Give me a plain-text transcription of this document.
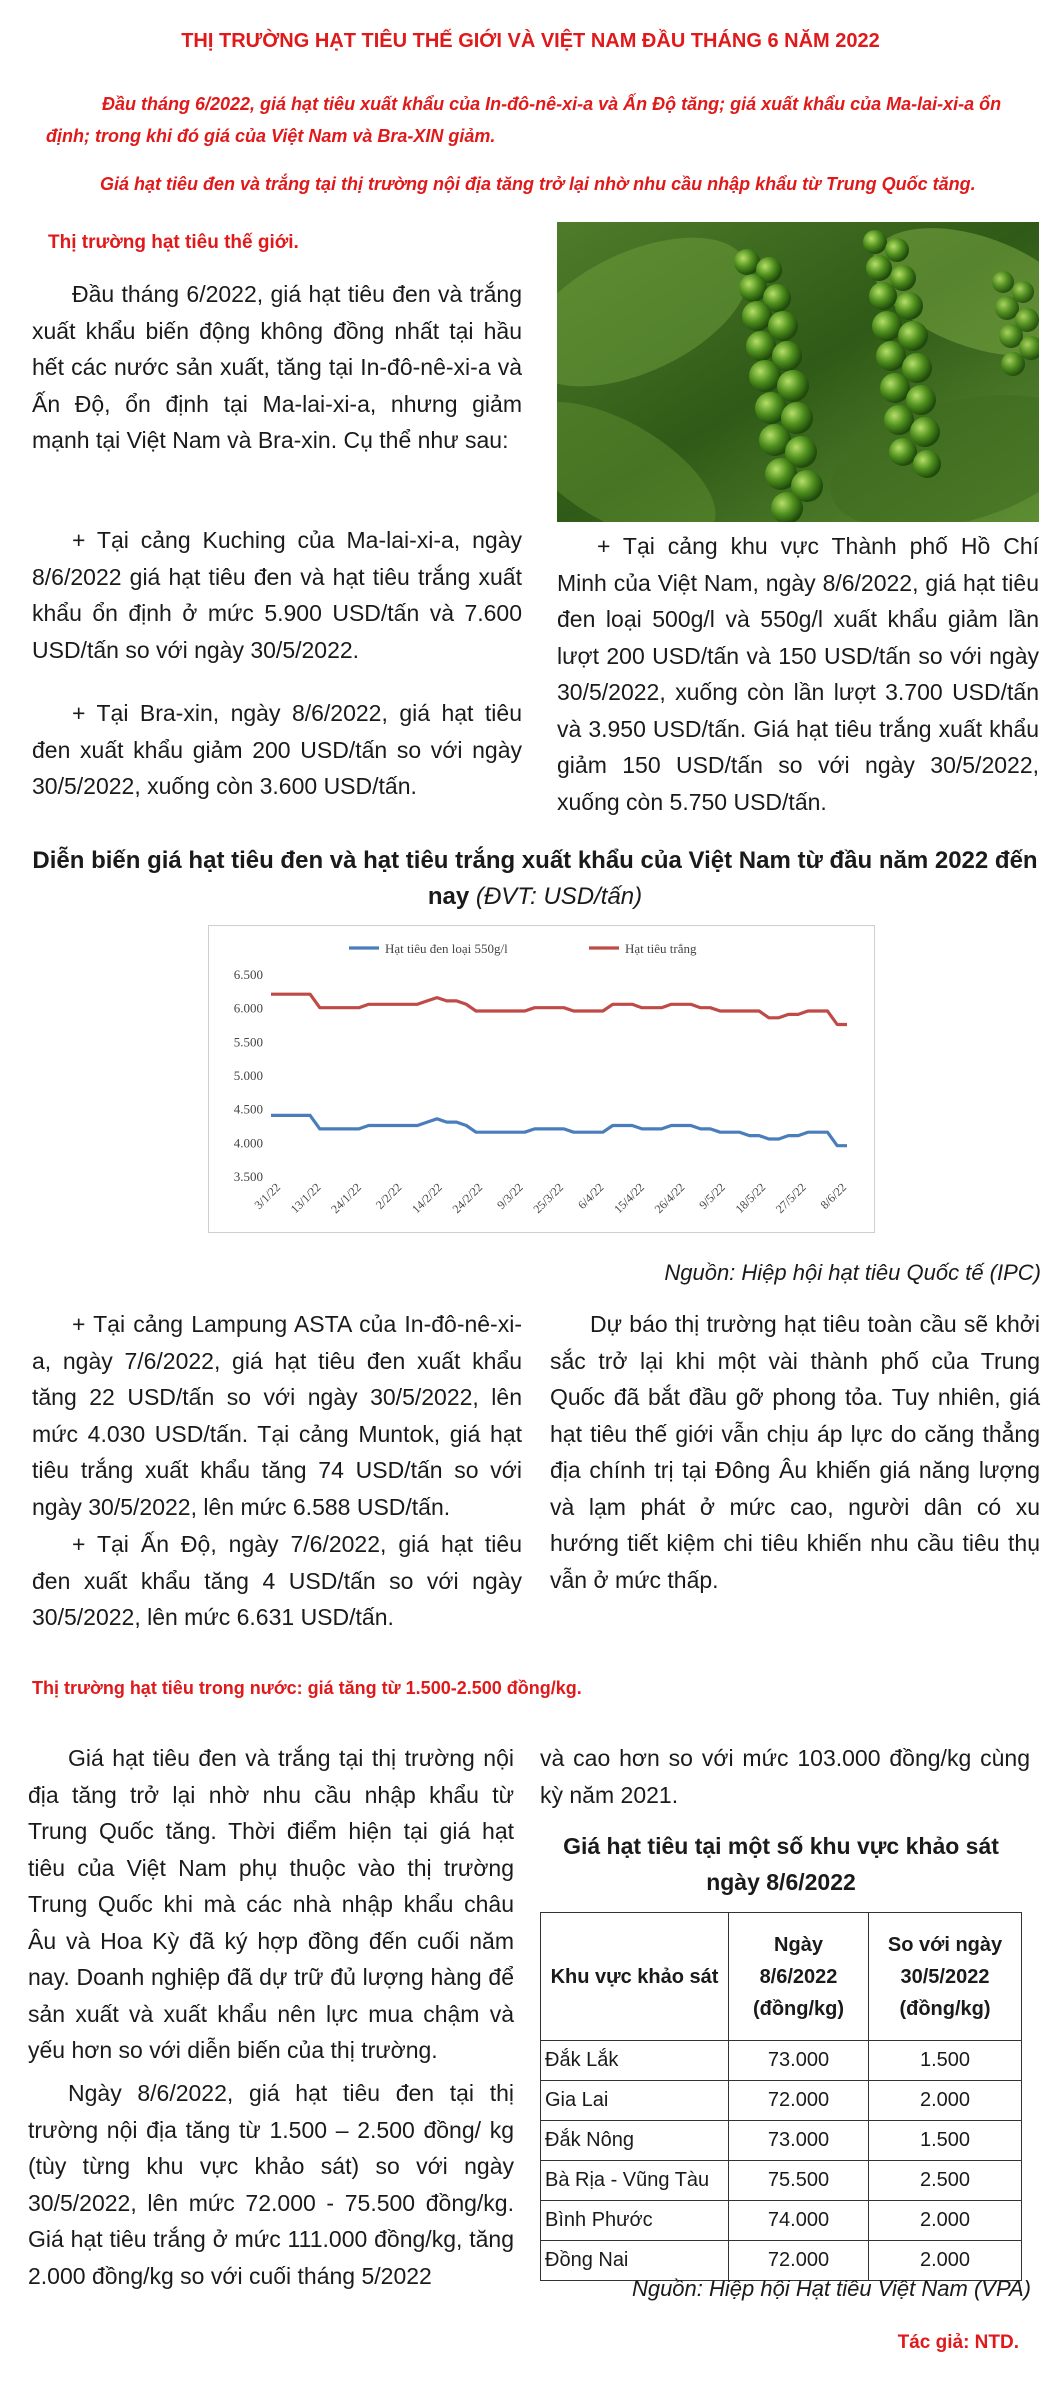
THỊ TRƯỜNG HẠT TIÊU THẾ GIỚI VÀ VIỆT NAM ĐẦU THÁNG 6 NĂM 2022
Đầu tháng 6/2022, giá hạt tiêu xuất khẩu của In-đô-nê-xi-a và Ấn Độ tăng; giá xuất khẩu của Ma-lai-xi-a ổn định; trong khi đó giá của Việt Nam và Bra-XIN giảm.
Giá hạt tiêu đen và trắng tại thị trường nội địa tăng trở lại nhờ nhu cầu nhập khẩu từ Trung Quốc tăng.
Thị trường hạt tiêu thế giới.
Đầu tháng 6/2022, giá hạt tiêu đen và trắng xuất khẩu biến động không đồng nhất tại hầu hết các nước sản xuất, tăng tại In-đô-nê-xi-a và Ấn Độ, ổn định tại Ma-lai-xi-a, nhưng giảm mạnh tại Việt Nam và Bra-xin. Cụ thể như sau:
+ Tại cảng Kuching của Ma-lai-xi-a, ngày 8/6/2022 giá hạt tiêu đen và hạt tiêu trắng xuất khẩu ổn định ở mức 5.900 USD/tấn và 7.600 USD/tấn so với ngày 30/5/2022.
+ Tại Bra-xin, ngày 8/6/2022, giá hạt tiêu đen xuất khẩu giảm 200 USD/tấn so với ngày 30/5/2022, xuống còn 3.600 USD/tấn.
+ Tại cảng khu vực Thành phố Hồ Chí Minh của Việt Nam, ngày 8/6/2022, giá hạt tiêu đen loại 500g/l và 550g/l xuất khẩu giảm lần lượt 200 USD/tấn và 150 USD/tấn so với ngày 30/5/2022, xuống còn lần lượt 3.700 USD/tấn và 3.950 USD/tấn. Giá hạt tiêu trắng xuất khẩu giảm 150 USD/tấn so với ngày 30/5/2022, xuống còn 5.750 USD/tấn.
Diễn biến giá hạt tiêu đen và hạt tiêu trắng xuất khẩu của Việt Nam từ đầu năm 2022 đến nay (ĐVT: USD/tấn)
3.500
4.000
4.500
5.000
5.500
6.000
6.500
3/1/22 13/1/22 24/1/22 2/2/22 14/2/22 24/2/22 9/3/22 25/3/22 6/4/22 15/4/22 26/4/22 9/5/22 18/5/22 27/5/22 8/6/22
Hạt tiêu đen loại 550g/l	Hạt tiêu trắng
Nguồn: Hiệp hội hạt tiêu Quốc tế (IPC)
+ Tại cảng Lampung ASTA của In-đô-nê-xi-a, ngày 7/6/2022, giá hạt tiêu đen xuất khẩu tăng 22 USD/tấn so với ngày 30/5/2022, lên mức 4.030 USD/tấn. Tại cảng Muntok, giá hạt tiêu trắng xuất khẩu tăng 74 USD/tấn so với ngày 30/5/2022, lên mức 6.588 USD/tấn.
+ Tại Ấn Độ, ngày 7/6/2022, giá hạt tiêu đen xuất khẩu tăng 4 USD/tấn so với ngày 30/5/2022, lên mức 6.631 USD/tấn.
Dự báo thị trường hạt tiêu toàn cầu sẽ khởi sắc trở lại khi một vài thành phố của Trung Quốc đã bắt đầu gỡ phong tỏa. Tuy nhiên, giá hạt tiêu thế giới vẫn chịu áp lực do căng thẳng địa chính trị tại Đông Âu khiến giá năng lượng và lạm phát ở mức cao, người dân có xu hướng tiết kiệm chi tiêu khiến nhu cầu tiêu thụ vẫn ở mức thấp.
Thị trường hạt tiêu trong nước: giá tăng từ 1.500-2.500 đồng/kg.
Giá hạt tiêu đen và trắng tại thị trường nội địa tăng trở lại nhờ nhu cầu nhập khẩu từ Trung Quốc tăng. Thời điểm hiện tại giá hạt tiêu của Việt Nam phụ thuộc vào thị trường Trung Quốc khi mà các nhà nhập khẩu châu Âu và Hoa Kỳ đã ký hợp đồng đến cuối năm nay. Doanh nghiệp đã dự trữ đủ lượng hàng để sản xuất và xuất khẩu nên lực mua chậm và yếu hơn so với diễn biến của thị trường.
Ngày 8/6/2022, giá hạt tiêu đen tại thị trường nội địa tăng từ 1.500 – 2.500 đồng/ kg (tùy từng khu vực khảo sát) so với ngày 30/5/2022, lên mức 72.000 - 75.500 đồng/kg. Giá hạt tiêu trắng ở mức 111.000 đồng/kg, tăng 2.000 đồng/kg so với cuối tháng 5/2022
và cao hơn so với mức 103.000 đồng/kg cùng kỳ năm 2021.
Giá hạt tiêu tại một số khu vực khảo sát ngày 8/6/2022
Khu vực khảo sát	Ngày 8/6/2022 (đồng/kg)	So với ngày 30/5/2022 (đồng/kg)
Đắk Lắk	73.000	1.500
Gia Lai	72.000	2.000
Đắk Nông	73.000	1.500
Bà Rịa - Vũng Tàu	75.500	2.500
Bình Phước	74.000	2.000
Đồng Nai	72.000	2.000
Nguồn: Hiệp hội Hạt tiêu Việt Nam (VPA)
Tác giả: NTD.
